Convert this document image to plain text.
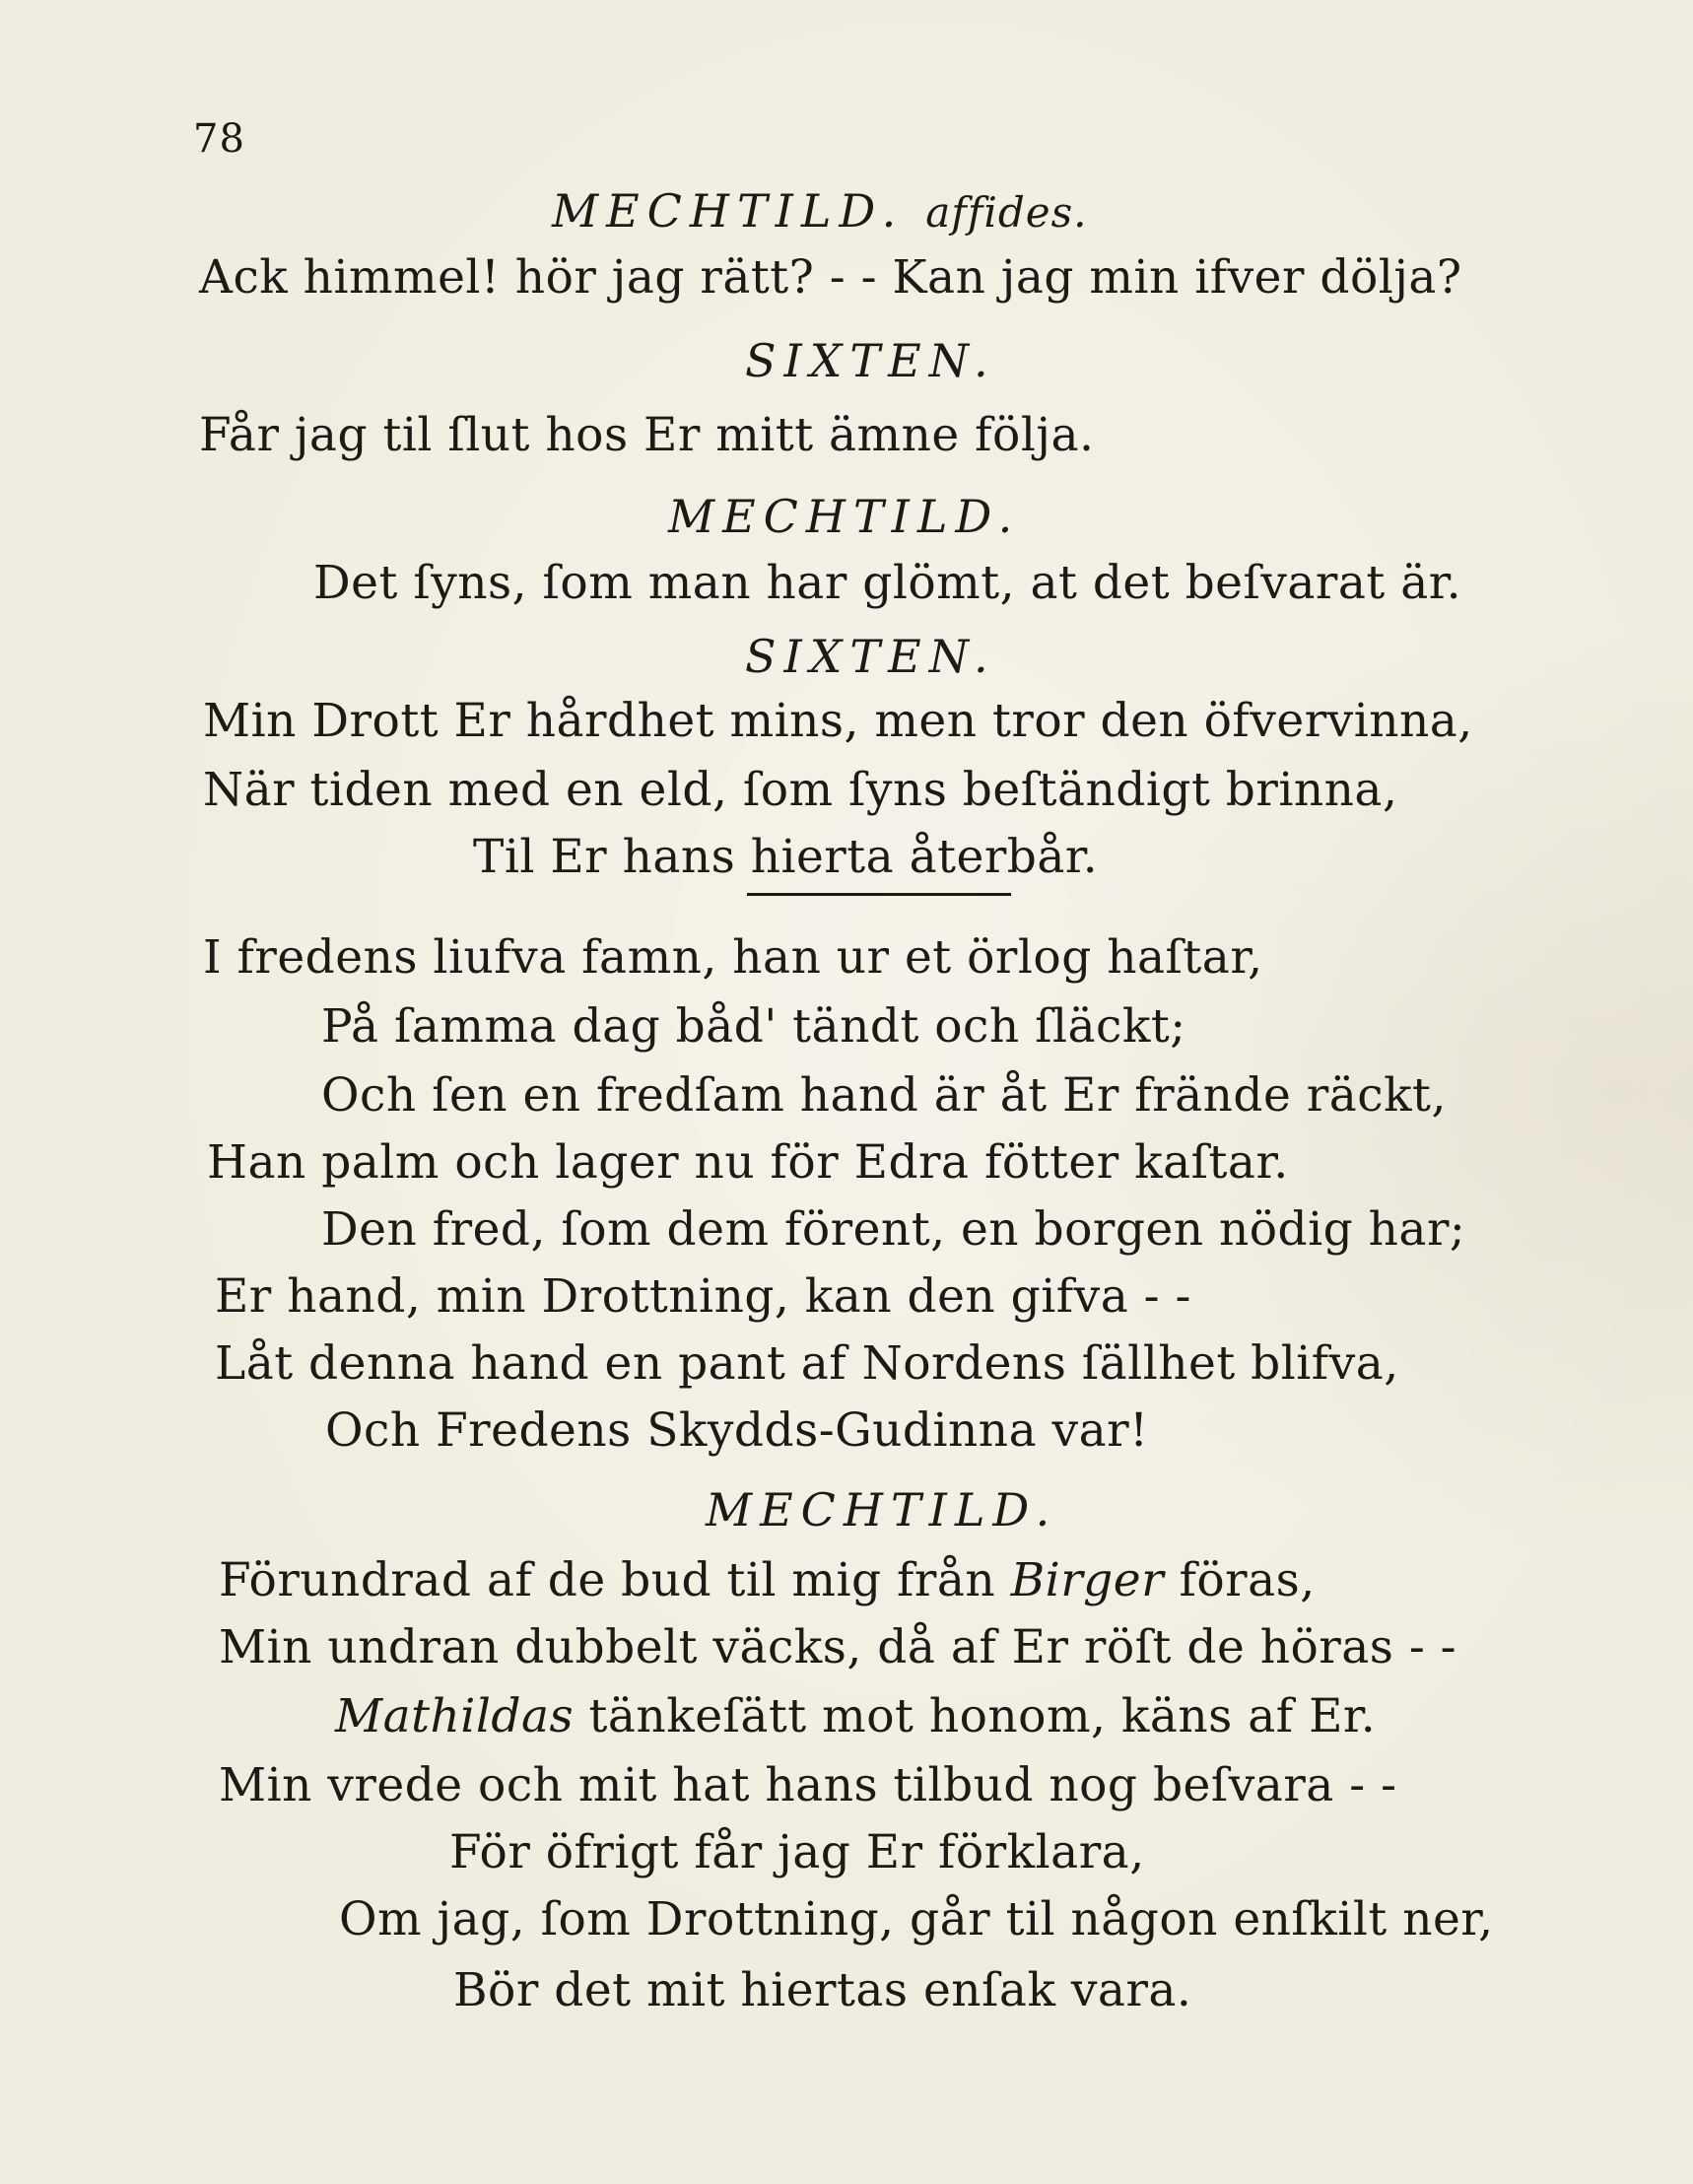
78
MECHTILD. affides.
Ack himmel! hör jag rätt? - - Kan jag min ifver dölja?
SIXTEN.
Får jag til ſlut hos Er mitt ämne följa.
MECHTILD.
Det ſyns, ſom man har glömt, at det beſvarat är.
SIXTEN.
Min Drott Er hårdhet mins, men tror den öfvervinna,
När tiden med en eld, ſom ſyns beſtändigt brinna,
Til Er hans hierta återbår.
I fredens liufva famn, han ur et örlog haſtar,
På ſamma dag båd' tändt och ſläckt;
Och ſen en fredſam hand är åt Er frände räckt,
Han palm och lager nu för Edra fötter kaſtar.
Den fred, ſom dem förent, en borgen nödig har;
Er hand, min Drottning, kan den gifva - -
Låt denna hand en pant af Nordens ſällhet blifva,
Och Fredens Skydds-Gudinna var!
MECHTILD.
Förundrad af de bud til mig från Birger föras,
Min undran dubbelt väcks, då af Er röſt de höras - -
Mathildas tänkeſätt mot honom, käns af Er.
Min vrede och mit hat hans tilbud nog beſvara - -
För öfrigt får jag Er förklara,
Om jag, ſom Drottning, går til någon enſkilt ner,
Bör det mit hiertas enſak vara.
